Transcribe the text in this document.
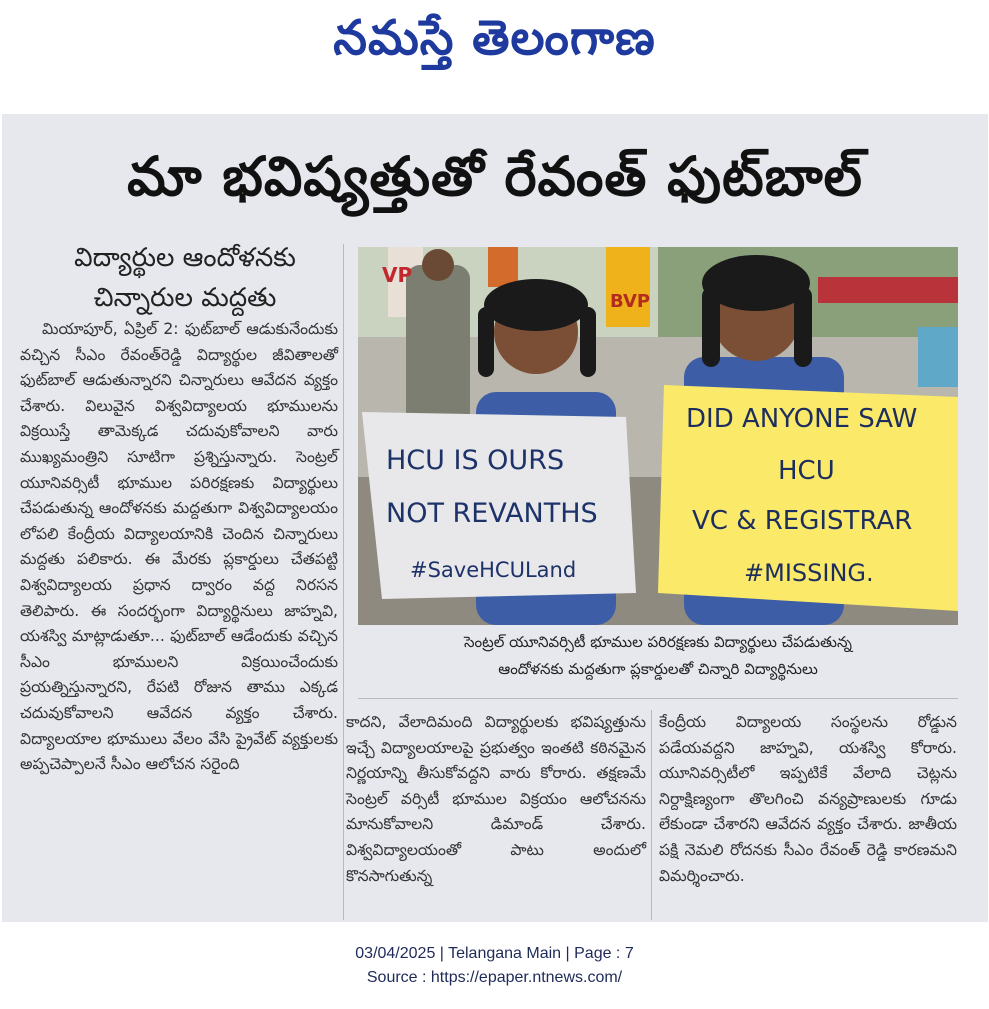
నమస్తే తెలంగాణ
మా భవిష్యత్తుతో రేవంత్ ఫుట్‌బాల్
విద్యార్థుల ఆందోళనకు
చిన్నారుల మద్దతు
మియాపూర్, ఏప్రిల్ 2: ఫుట్‌బాల్ ఆడుకునేందుకు వచ్చిన సీఎం రేవంత్‌రెడ్డి విద్యార్థుల జీవితాలతో ఫుట్‌బాల్ ఆడుతున్నారని చిన్నారులు ఆవేదన వ్యక్తం చేశారు. విలువైన విశ్వవిద్యాలయ భూములను విక్రయిస్తే తామెక్కడ చదువుకోవాలని వారు ముఖ్యమంత్రిని సూటిగా ప్రశ్నిస్తున్నారు. సెంట్రల్ యూనివర్సిటీ భూముల పరిరక్షణకు విద్యార్థులు చేపడుతున్న ఆందోళనకు మద్దతుగా విశ్వవిద్యాలయం లోపలి కేంద్రీయ విద్యాలయానికి చెందిన చిన్నారులు మద్దతు పలికారు. ఈ మేరకు ప్లకార్డులు చేతపట్టి విశ్వవిద్యాలయ ప్రధాన ద్వారం వద్ద నిరసన తెలిపారు. ఈ సందర్భంగా విద్యార్థినులు జాహ్నవి, యశస్వి మాట్లాడుతూ... ఫుట్‌బాల్ ఆడేందుకు వచ్చిన సీఎం భూములని విక్రయించేందుకు ప్రయత్నిస్తున్నారని, రేపటి రోజున తాము ఎక్కడ చదువుకోవాలని ఆవేదన వ్యక్తం చేశారు. విద్యాలయాల భూములు వేలం వేసి ప్రైవేట్ వ్యక్తులకు అప్పచెప్పాలనే సీఎం ఆలోచన సరైంది
VP
BVP
HCU IS OURS
NOT REVANTHS
#SaveHCULand
DID ANYONE SAW
HCU
VC & REGISTRAR
#MISSING.
సెంట్రల్ యూనివర్సిటీ భూముల పరిరక్షణకు విద్యార్థులు చేపడుతున్న
ఆందోళనకు మద్దతుగా ప్లకార్డులతో చిన్నారి విద్యార్థినులు
కాదని, వేలాదిమంది విద్యార్థులకు భవిష్యత్తును ఇచ్చే విద్యాలయాలపై ప్రభుత్వం ఇంతటి కఠినమైన నిర్ణయాన్ని తీసుకోవద్దని వారు కోరారు. తక్షణమే సెంట్రల్ వర్సిటీ భూముల విక్రయం ఆలోచనను మానుకోవాలని డిమాండ్ చేశారు. విశ్వవిద్యాలయంతో పాటు అందులో కొనసాగుతున్న
కేంద్రీయ విద్యాలయ సంస్థలను రోడ్డున పడేయవద్దని జాహ్నవి, యశస్వి కోరారు. యూనివర్సిటీలో ఇప్పటికే వేలాది చెట్లను నిర్దాక్షిణ్యంగా తొలగించి వన్యప్రాణులకు గూడు లేకుండా చేశారని ఆవేదన వ్యక్తం చేశారు. జాతీయ పక్షి నెమలి రోదనకు సీఎం రేవంత్ రెడ్డి కారణమని విమర్శించారు.
03/04/2025 | Telangana Main | Page : 7
Source : https://epaper.ntnews.com/
